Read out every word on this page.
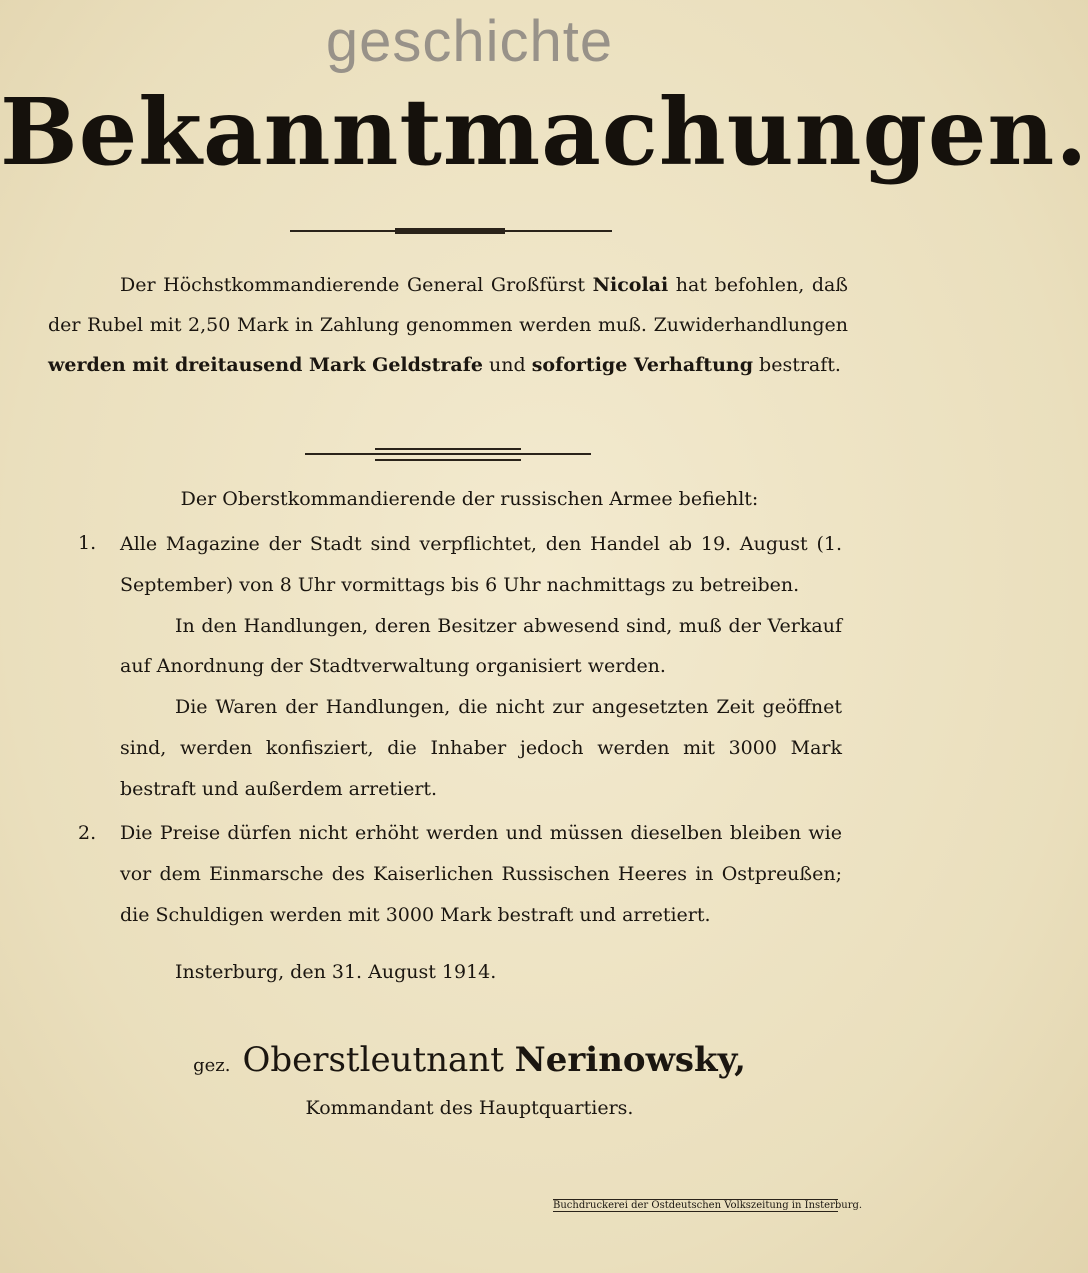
geschichte
Bekanntmachungen.
Der Höchstkommandierende General Großfürst Nicolai hat befohlen, daß der Rubel mit 2,50 Mark in Zahlung genommen werden muß. Zuwiderhandlungen werden mit dreitausend Mark Geldstrafe und sofortige Verhaftung bestraft.
Der Oberstkommandierende der russischen Armee befiehlt:
1. Alle Magazine der Stadt sind verpflichtet, den Handel ab 19. August (1. September) von 8 Uhr vormittags bis 6 Uhr nachmittags zu betreiben.
In den Handlungen, deren Besitzer abwesend sind, muß der Verkauf auf Anordnung der Stadtverwaltung organisiert werden.
Die Waren der Handlungen, die nicht zur angesetzten Zeit geöffnet sind, werden konfisziert, die Inhaber jedoch werden mit 3000 Mark bestraft und außerdem arretiert.
2. Die Preise dürfen nicht erhöht werden und müssen dieselben bleiben wie vor dem Einmarsche des Kaiserlichen Russischen Heeres in Ostpreußen; die Schuldigen werden mit 3000 Mark bestraft und arretiert.
Insterburg, den 31. August 1914.
gez. Oberstleutnant Nerinowsky,
Kommandant des Hauptquartiers.
Buchdruckerei der Ostdeutschen Volkszeitung in Insterburg.
